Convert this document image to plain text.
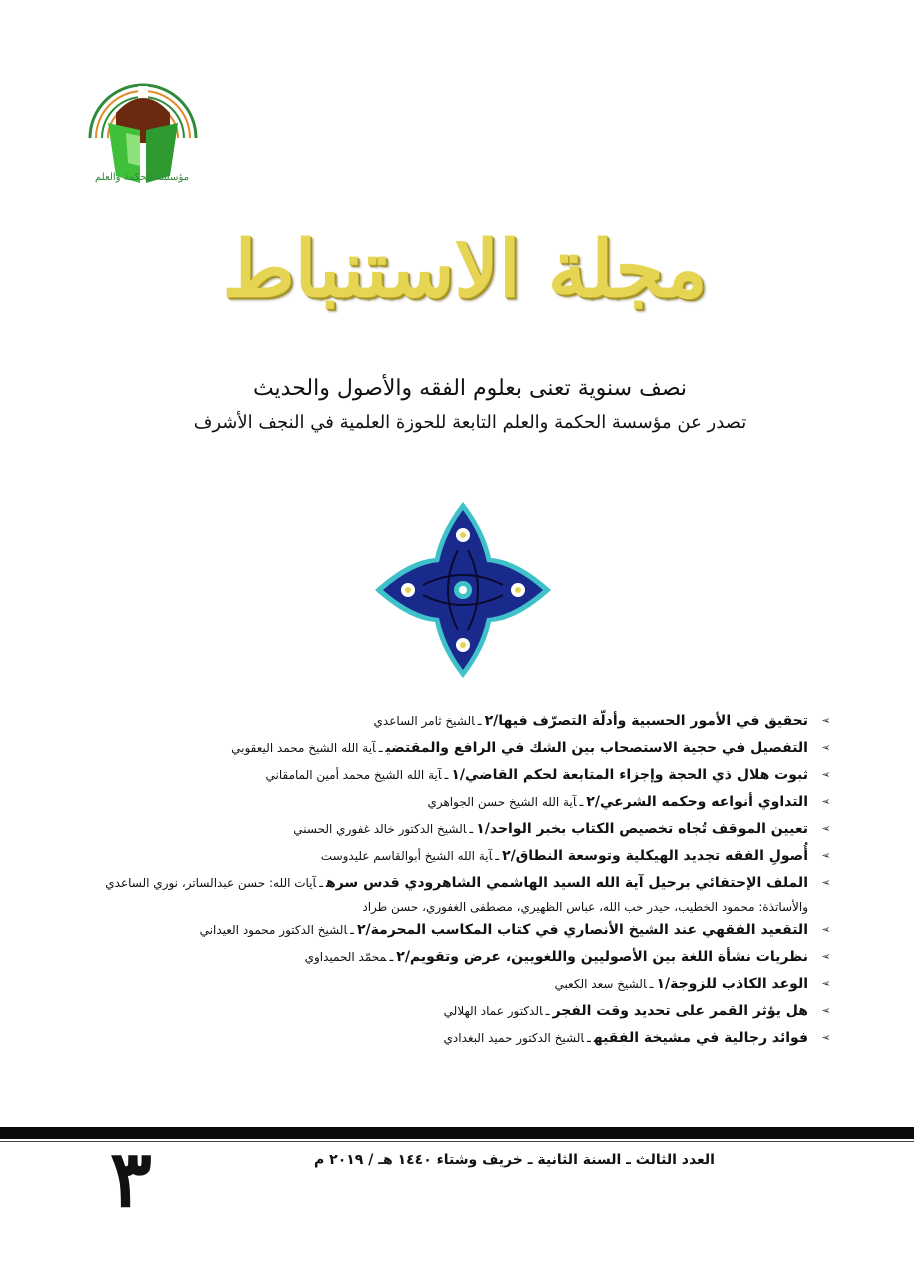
مؤسسة الحكمة والعلم
مجلة الاستنباط
نصف سنوية تعنى بعلوم الفقه والأصول والحديث
تصدر عن مؤسسة الحكمة والعلم التابعة للحوزة العلمية في النجف الأشرف
➢
تحقيق في الأمور الحسبية وأدلّة التصرّف فيها/٢ـالشيخ ثامر الساعدي
➢
التفصيل في حجية الاستصحاب بين الشك في الرافع والمقتضيـآية الله الشيخ محمد اليعقوبي
➢
ثبوت هلال ذي الحجة وإجزاء المتابعة لحكم القاضي/١ـآية الله الشيخ محمد أمين المامقاني
➢
التداوي أنواعه وحكمه الشرعي/٢ـآية الله الشيخ حسن الجواهري
➢
تعيين الموقف تُجاه تخصيص الكتاب بخبر الواحد/١ـالشيخ الدكتور خالد غفوري الحسني
➢
أُصولِ الفقه تجديد الهيكلية وتوسعة النطاق/٢ـآية الله الشيخ أبوالقاسم عليدوست
➢
الملف الإحتفائي برحيل آية الله السيد الهاشمي الشاهرودي قدس سرهـآيات الله: حسن عبدالساتر، نوري الساعدي
والأساتذة: محمود الخطيب، حيدر حب الله، عباس الظهيري، مصطفى الغفوري، حسن طراد
➢
التقعيد الفقهي عند الشيخ الأنصاري في كتاب المكاسب المحرمة/٢ـالشيخ الدكتور محمود العيداني
➢
نظريات نشأة اللغة بين الأصوليين واللغويين، عرض وتقويم/٢ـمحمّد الحميداوي
➢
الوعد الكاذب للزوجة/١ـالشيخ سعد الكعبي
➢
هل يؤثر القمر على تحديد وقت الفجرـالدكتور عماد الهلالي
➢
فوائد رجالية في مشيخة الفقيهـالشيخ الدكتور حميد البغدادي
٣	العدد الثالث ـ السنة الثانية ـ خريف وشتاء ١٤٤٠ هـ / ٢٠١٩ م
